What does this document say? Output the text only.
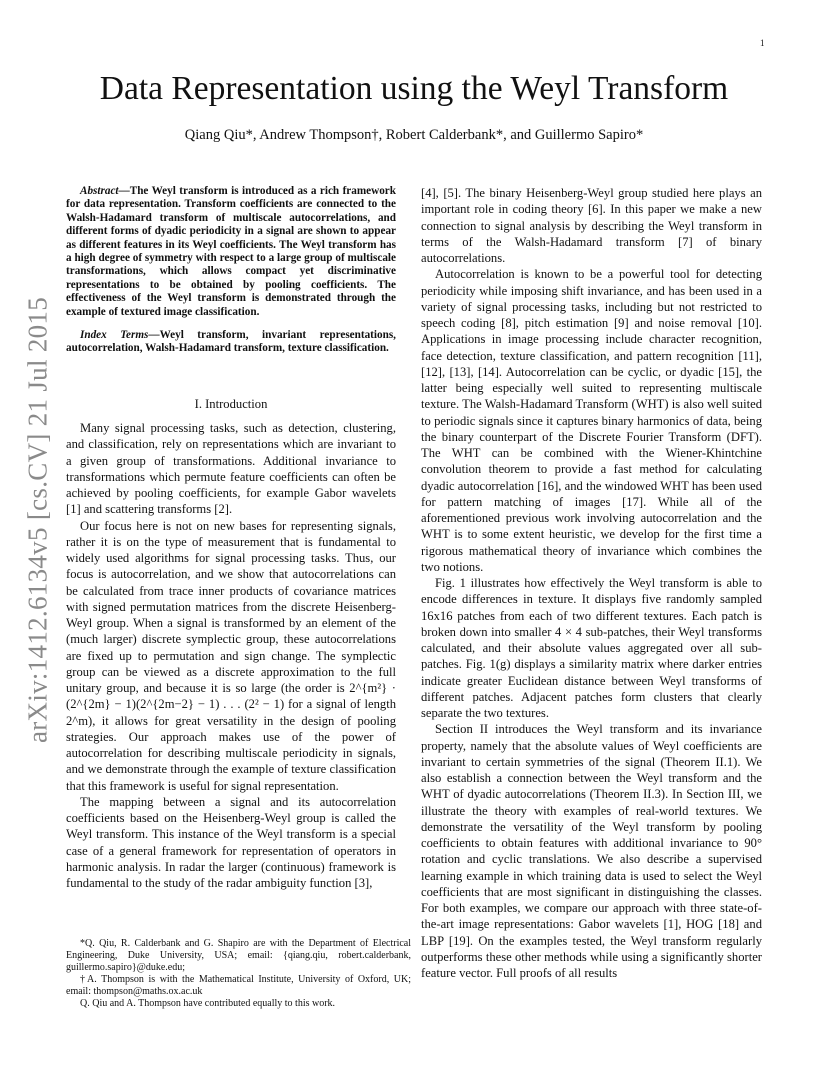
1
arXiv:1412.6134v5 [cs.CV] 21 Jul 2015
Data Representation using the Weyl Transform
Qiang Qiu*, Andrew Thompson†, Robert Calderbank*, and Guillermo Sapiro*

Abstract—The Weyl transform is introduced as a rich framework for data representation. Transform coefficients are connected to the Walsh-Hadamard transform of multiscale autocorrelations, and different forms of dyadic periodicity in a signal are shown to appear as different features in its Weyl coefficients. The Weyl transform has a high degree of symmetry with respect to a large group of multiscale transformations, which allows compact yet discriminative representations to be obtained by pooling coefficients. The effectiveness of the Weyl transform is demonstrated through the example of textured image classification.

Index Terms—Weyl transform, invariant representations, autocorrelation, Walsh-Hadamard transform, texture classification.

I. Introduction

Many signal processing tasks, such as detection, clustering, and classification, rely on representations which are invariant to a given group of transformations. Additional invariance to transformations which permute feature coefficients can often be achieved by pooling coefficients, for example Gabor wavelets [1] and scattering transforms [2].

Our focus here is not on new bases for representing signals, rather it is on the type of measurement that is fundamental to widely used algorithms for signal processing tasks. Thus, our focus is autocorrelation, and we show that autocorrelations can be calculated from trace inner products of covariance matrices with signed permutation matrices from the discrete Heisenberg-Weyl group. When a signal is transformed by an element of the (much larger) discrete symplectic group, these autocorrelations are fixed up to permutation and sign change. The symplectic group can be viewed as a discrete approximation to the full unitary group, and because it is so large (the order is 2^{m²} · (2^{2m} − 1)(2^{2m−2} − 1) . . . (2² − 1) for a signal of length 2^m), it allows for great versatility in the design of pooling strategies. Our approach makes use of the power of autocorrelation for describing multiscale periodicity in signals, and we demonstrate through the example of texture classification that this framework is useful for signal representation.

The mapping between a signal and its autocorrelation coefficients based on the Heisenberg-Weyl group is called the Weyl transform. This instance of the Weyl transform is a special case of a general framework for representation of operators in harmonic analysis. In radar the larger (continuous) framework is fundamental to the study of the radar ambiguity function [3],

[4], [5]. The binary Heisenberg-Weyl group studied here plays an important role in coding theory [6]. In this paper we make a new connection to signal analysis by describing the Weyl transform in terms of the Walsh-Hadamard transform [7] of binary autocorrelations.

Autocorrelation is known to be a powerful tool for detecting periodicity while imposing shift invariance, and has been used in a variety of signal processing tasks, including but not restricted to speech coding [8], pitch estimation [9] and noise removal [10]. Applications in image processing include character recognition, face detection, texture classification, and pattern recognition [11], [12], [13], [14]. Autocorrelation can be cyclic, or dyadic [15], the latter being especially well suited to representing multiscale texture. The Walsh-Hadamard Transform (WHT) is also well suited to periodic signals since it captures binary harmonics of data, being the binary counterpart of the Discrete Fourier Transform (DFT). The WHT can be combined with the Wiener-Khintchine convolution theorem to provide a fast method for calculating dyadic autocorrelation [16], and the windowed WHT has been used for pattern matching of images [17]. While all of the aforementioned previous work involving autocorrelation and the WHT is to some extent heuristic, we develop for the first time a rigorous mathematical theory of invariance which combines the two notions.

Fig. 1 illustrates how effectively the Weyl transform is able to encode differences in texture. It displays five randomly sampled 16x16 patches from each of two different textures. Each patch is broken down into smaller 4 × 4 sub-patches, their Weyl transforms calculated, and their absolute values aggregated over all sub-patches. Fig. 1(g) displays a similarity matrix where darker entries indicate greater Euclidean distance between Weyl transforms of different patches. Adjacent patches form clusters that clearly separate the two textures.

Section II introduces the Weyl transform and its invariance property, namely that the absolute values of Weyl coefficients are invariant to certain symmetries of the signal (Theorem II.1). We also establish a connection between the Weyl transform and the WHT of dyadic autocorrelations (Theorem II.3). In Section III, we illustrate the theory with examples of real-world textures. We demonstrate the versatility of the Weyl transform by pooling coefficients to obtain features with additional invariance to 90° rotation and cyclic translations. We also describe a supervised learning example in which training data is used to select the Weyl coefficients that are most significant in distinguishing the classes. For both examples, we compare our approach with three state-of-the-art image representations: Gabor wavelets [1], HOG [18] and LBP [19]. On the examples tested, the Weyl transform regularly outperforms these other methods while using a significantly shorter feature vector. Full proofs of all results

*Q. Qiu, R. Calderbank and G. Shapiro are with the Department of Electrical Engineering, Duke University, USA; email: {qiang.qiu, robert.calderbank, guillermo.sapiro}@duke.edu;

†A. Thompson is with the Mathematical Institute, University of Oxford, UK; email: thompson@maths.ox.ac.uk

Q. Qiu and A. Thompson have contributed equally to this work.
